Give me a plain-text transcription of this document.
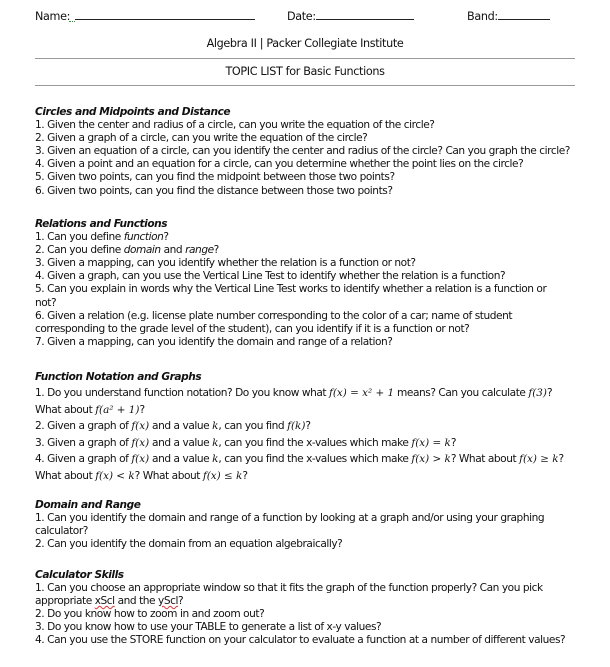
Name:	Date:	Band:
Algebra II | Packer Collegiate Institute
TOPIC LIST for Basic Functions
Circles and Midpoints and Distance
1. Given the center and radius of a circle, can you write the equation of the circle?
2. Given a graph of a circle, can you write the equation of the circle?
3. Given an equation of a circle, can you identify the center and radius of the circle? Can you graph the circle?
4. Given a point and an equation for a circle, can you determine whether the point lies on the circle?
5. Given two points, can you find the midpoint between those two points?
6. Given two points, can you find the distance between those two points?
Relations and Functions
1. Can you define function?
2. Can you define domain and range?
3. Given a mapping, can you identify whether the relation is a function or not?
4. Given a graph, can you use the Vertical Line Test to identify whether the relation is a function?
5. Can you explain in words why the Vertical Line Test works to identify whether a relation is a function or not?
6. Given a relation (e.g. license plate number corresponding to the color of a car; name of student corresponding to the grade level of the student), can you identify if it is a function or not?
7. Given a mapping, can you identify the domain and range of a relation?
Function Notation and Graphs
1. Do you understand function notation? Do you know what f(x) = x² + 1 means? Can you calculate f(3)? What about f(a² + 1)?
2. Given a graph of f(x) and a value k, can you find f(k)?
3. Given a graph of f(x) and a value k, can you find the x-values which make f(x) = k?
4. Given a graph of f(x) and a value k, can you find the x-values which make f(x) > k? What about f(x) ≥ k? What about f(x) < k? What about f(x) ≤ k?
Domain and Range
1. Can you identify the domain and range of a function by looking at a graph and/or using your graphing calculator?
2. Can you identify the domain from an equation algebraically?
Calculator Skills
1. Can you choose an appropriate window so that it fits the graph of the function properly? Can you pick appropriate xScl and the yScl?
2. Do you know how to zoom in and zoom out?
3. Do you know how to use your TABLE to generate a list of x-y values?
4. Can you use the STORE function on your calculator to evaluate a function at a number of different values?
